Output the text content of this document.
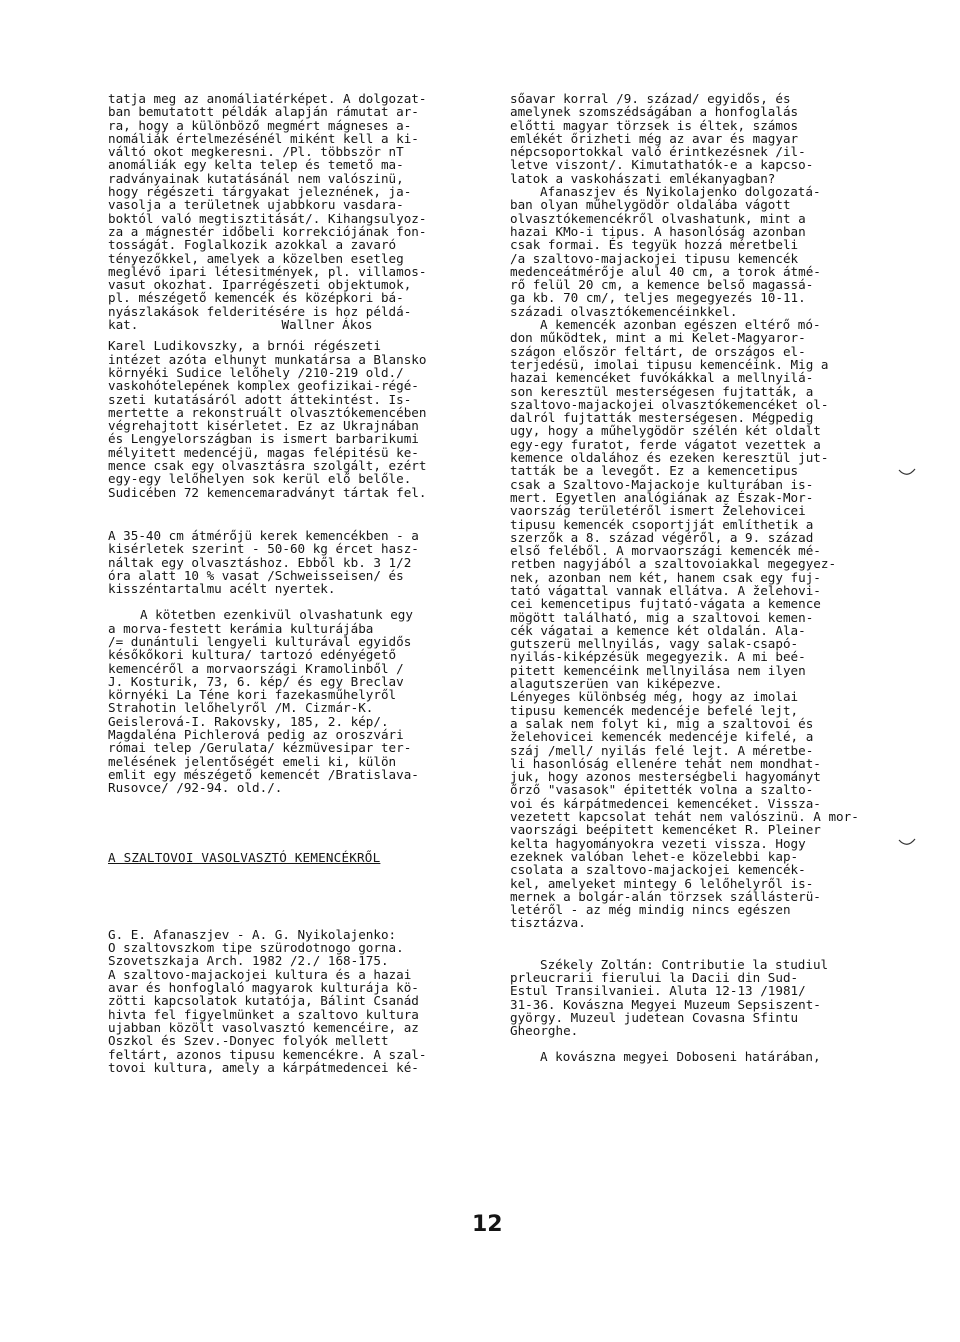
tatja meg az anomáliatérképet. A dolgozat-
ban bemutatott példák alapján rámutat ar-
ra, hogy a különböző megmért mágneses a-
nomáliák értelmezésénél miként kell a ki-
váltó okot megkeresni. /Pl. többször nT
anomáliák egy kelta telep és temető ma-
radványainak kutatásánál nem valószinü,
hogy régészeti tárgyakat jeleznének, ja-
vasolja a területnek ujabbkoru vasdara-
boktól való megtisztitását/. Kihangsulyoz-
za a mágnestér időbeli korrekciójának fon-
tosságát. Foglalkozik azokkal a zavaró
tényezőkkel, amelyek a közelben esetleg
meglévő ipari létesitmények, pl. villamos-
vasut okozhat. Iparrégészeti objektumok,
pl. mészégető kemencék és középkori bá-
nyászlakások felderitésére is hoz példá-
kat.	Wallner Ákos
Karel Ludikovszky, a brnói régészeti
intézet azóta elhunyt munkatársa a Blansko
környéki Sudice lelőhely /210-219 old./
vaskohótelepének komplex geofizikai-régé-
szeti kutatásáról adott áttekintést. Is-
mertette a rekonstruált olvasztókemencében
végrehajtott kisérletet. Ez az Ukrajnában
és Lengyelországban is ismert barbarikumi
mélyitett medencéjü, magas felépitésü ke-
mence csak egy olvasztásra szolgált, ezért
egy-egy lelőhelyen sok kerül elő belőle.
Sudicében 72 kemencemaradványt tártak fel.
A 35-40 cm átmérőjü kerek kemencékben - a
kisérletek szerint - 50-60 kg ércet hasz-
náltak egy olvasztáshoz. Ebből kb. 3 1/2
óra alatt 10 % vasat /Schweisseisen/ és
kisszéntartalmu acélt nyertek.
A kötetben ezenkivül olvashatunk egy
a morva-festett kerámia kulturájába
/= dunántuli lengyeli kulturával egyidős
későkőkori kultura/ tartozó edényégető
kemencéről a morvaországi Kramolinből /
J. Kosturik, 73, 6. kép/ és egy Breclav
környéki La Téne kori fazekasműhelyről
Strahotin lelőhelyről /M. Cizmár-K.
Geislerová-I. Rakovsky, 185, 2. kép/.
Magdaléna Pichlerová pedig az oroszvári
római telep /Gerulata/ kézmüvesipar ter-
melésének jelentőségét emeli ki, külön
emlit egy mészégető kemencét /Bratislava-
Rusovce/ /92-94. old./.
A SZALTOVOI VASOLVASZTÓ KEMENCÉKRŐL
G. E. Afanaszjev - A. G. Nyikolajenko:
O szaltovszkom tipe szürodotnogo gorna.
Szovetszkaja Arch. 1982 /2./ 168-175.
A szaltovo-majackojei kultura és a hazai
avar és honfoglaló magyarok kulturája kö-
zötti kapcsolatok kutatója, Bálint Csanád
hivta fel figyelmünket a szaltovo kultura
ujabban közölt vasolvasztó kemencéire, az
Oszkol és Szev.-Donyec folyók mellett
feltárt, azonos tipusu kemencékre. A szal-
tovoi kultura, amely a kárpátmedencei ké-
sőavar korral /9. század/ egyidős, és
amelynek szomszédságában a honfoglalás
előtti magyar törzsek is éltek, számos
emlékét őrizheti még az avar és magyar
népcsoportokkal való érintkezésnek /il-
letve viszont/. Kimutathatók-e a kapcso-
latok a vaskohászati emlékanyagban?
Afanaszjev és Nyikolajenko dolgozatá-
ban olyan műhelygödör oldalába vágott
olvasztókemencékről olvashatunk, mint a
hazai KMo-i tipus. A hasonlóság azonban
csak formai. És tegyük hozzá méretbeli
/a szaltovo-majackojei tipusu kemencék
medenceátmérője alul 40 cm, a torok átmé-
rő felül 20 cm, a kemence belső magassá-
ga kb. 70 cm/, teljes megegyezés 10-11.
századi olvasztókemencéinkkel.
A kemencék azonban egészen eltérő mó-
don működtek, mint a mi Kelet-Magyaror-
szágon először feltárt, de országos el-
terjedésü, imolai tipusu kemencéink. Mig a
hazai kemencéket fuvókákkal a mellnyilá-
son keresztül mesterségesen fujtatták, a
szaltovo-majackojei olvasztókemencéket ol-
dalról fujtatták mesterségesen. Mégpedig
ugy, hogy a műhelygödör szélén két oldalt
egy-egy furatot, ferde vágatot vezettek a
kemence oldalához és ezeken keresztül jut-
tatták be a levegőt. Ez a kemencetipus
csak a Szaltovo-Majackoje kulturában is-
mert. Egyetlen analógiának az Észak-Mor-
vaország területéről ismert Želehovicei
tipusu kemencék csoportjját említhetik a
szerzők a 8. század végéről, a 9. század
első feléből. A morvaországi kemencék mé-
retben nagyjából a szaltovoiakkal megegyez-
nek, azonban nem két, hanem csak egy fuj-
tató vágattal vannak ellátva. A želehovi-
cei kemencetipus fujtató-vágata a kemence
mögött található, mig a szaltovoi kemen-
cék vágatai a kemence két oldalán. Ala-
gutszerü mellnyilás, vagy salak-csapó-
nyilás-kiképzésük megegyezik. A mi beé-
pitett kemencéink mellnyilása nem ilyen
alagutszerüen van kiképezve.
Lényeges különbség még, hogy az imolai
tipusu kemencék medencéje befelé lejt,
a salak nem folyt ki, mig a szaltovoi és
želehovicei kemencék medencéje kifelé, a
száj /mell/ nyilás felé lejt. A méretbe-
li hasonlóság ellenére tehát nem mondhat-
juk, hogy azonos mesterségbeli hagyományt
őrző "vasasok" épitették volna a szalto-
voi és kárpátmedencei kemencéket. Vissza-
vezetett kapcsolat tehát nem valószinü. A mor-
vaországi beépitett kemencéket R. Pleiner
kelta hagyományokra vezeti vissza. Hogy
ezeknek valóban lehet-e közelebbi kap-
csolata a szaltovo-majackojei kemencék-
kel, amelyeket mintegy 6 lelőhelyről is-
mernek a bolgár-alán törzsek szállásterü-
letéről - az még mindig nincs egészen
tisztázva.
Székely Zoltán: Contributie la studiul
prleucrarii fierului la Dacii din Sud-
Estul Transilvaniei. Aluta 12-13 /1981/
31-36. Kovászna Megyei Muzeum Sepsiszent-
györgy. Muzeul judetean Covasna Sfintu
Gheorghe.
A kovászna megyei Doboseni határában,
12
